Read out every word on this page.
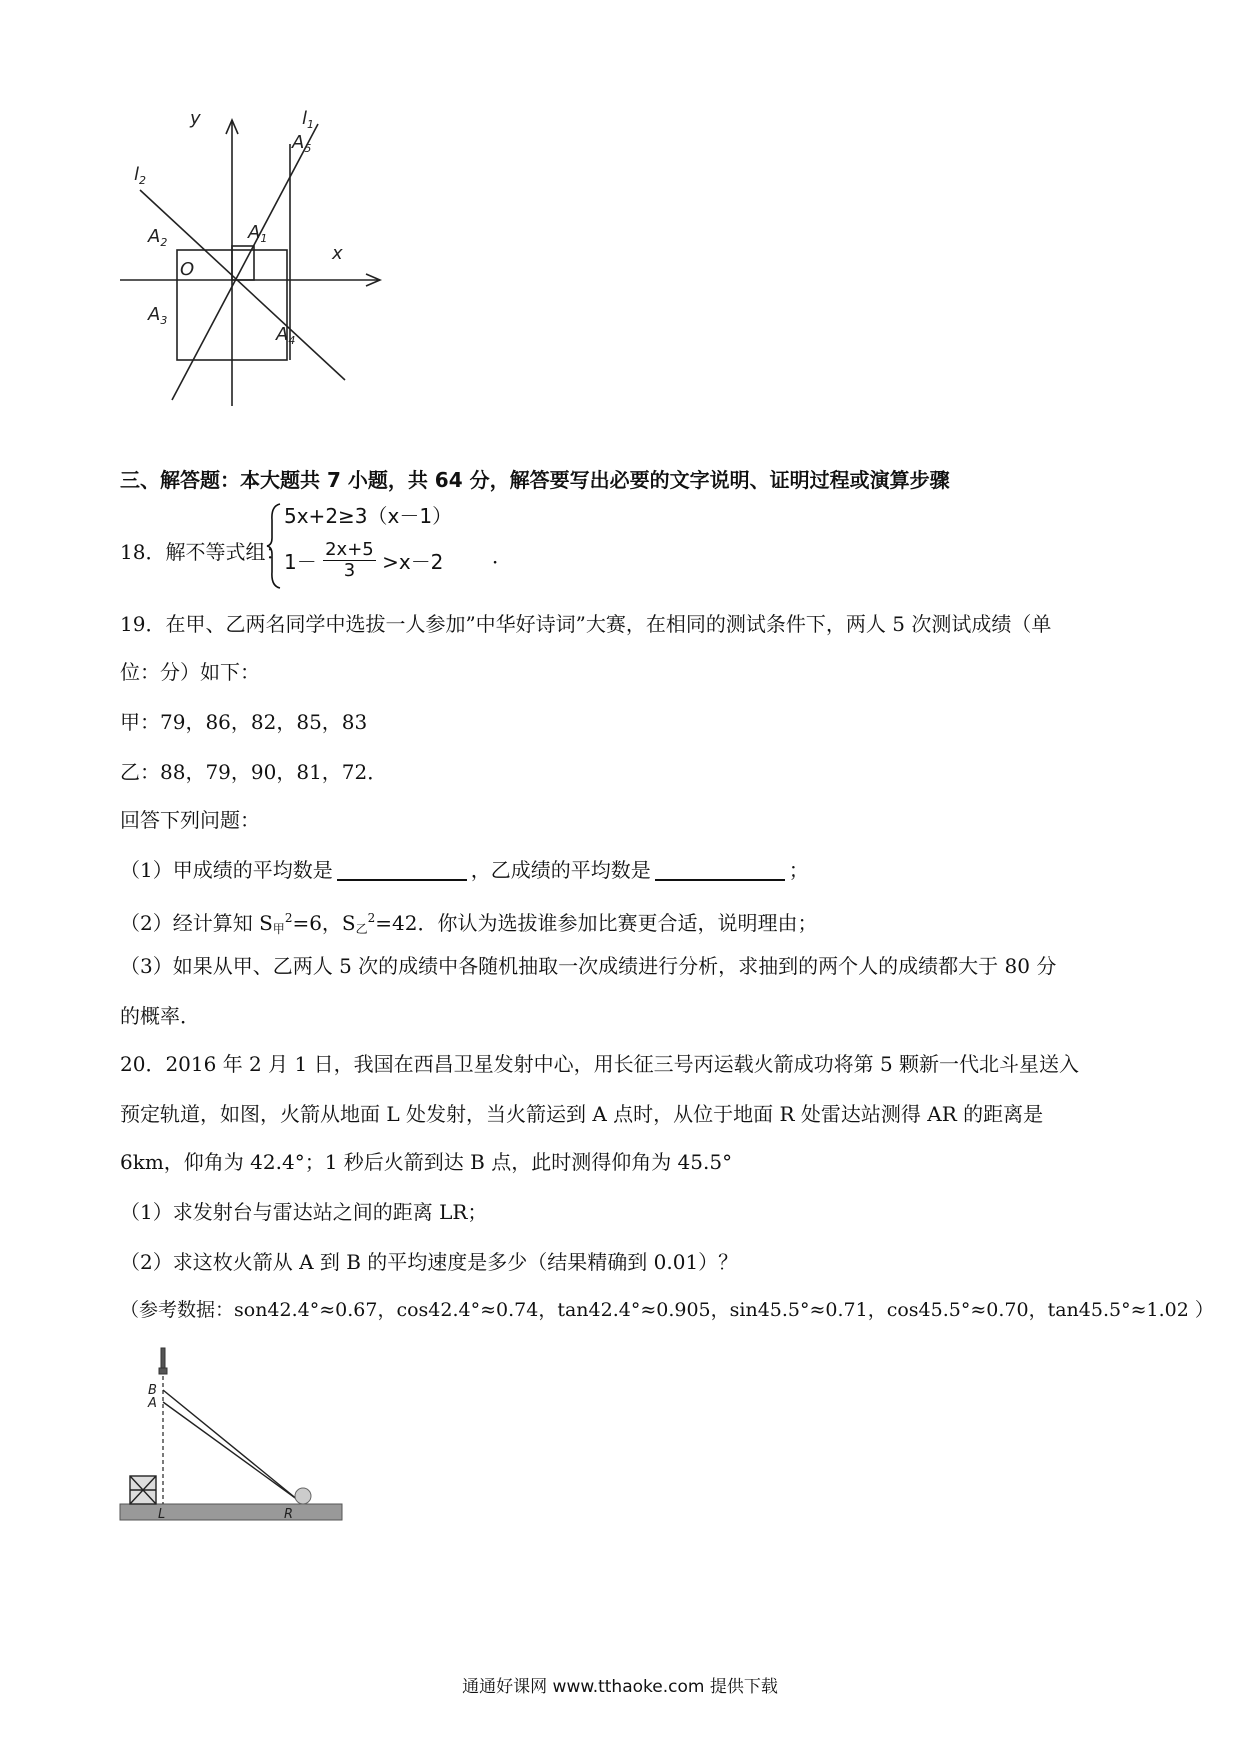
y
x
O
$l_1$
$l_2$
$A_1$
$A_2$
$A_3$
$A_4$
$A_5$
三、解答题：本大题共 7 小题，共 64 分，解答要写出必要的文字说明、证明过程或演算步骤
18．解不等式组：
5x+2≥3（x－1）
$1- \frac{2x+5}{3} >x-2$ ．
19．在甲、乙两名同学中选拔一人参加”中华好诗词”大赛，在相同的测试条件下，两人 5 次测试成绩（单
位：分）如下：
甲：79，86，82，85，83
乙：88，79，90，81，72．
回答下列问题：
（1）甲成绩的平均数是	，乙成绩的平均数是	；
（2）经计算知 $S_甲^2=6$，$S_乙^2=42$．你认为选拔谁参加比赛更合适，说明理由；
（3）如果从甲、乙两人 5 次的成绩中各随机抽取一次成绩进行分析，求抽到的两个人的成绩都大于 80 分
的概率．
20．2016 年 2 月 1 日，我国在西昌卫星发射中心，用长征三号丙运载火箭成功将第 5 颗新一代北斗星送入
预定轨道，如图，火箭从地面 L 处发射，当火箭运到 A 点时，从位于地面 R 处雷达站测得 AR 的距离是
6km，仰角为 42.4°；1 秒后火箭到达 B 点，此时测得仰角为 45.5°
（1）求发射台与雷达站之间的距离 LR；
（2）求这枚火箭从 A 到 B 的平均速度是多少（结果精确到 0.01）？
（参考数据：son42.4°≈0.67，cos42.4°≈0.74，tan42.4°≈0.905，sin45.5°≈0.71，cos45.5°≈0.70，tan45.5°≈1.02 ）
B
A
L	R
通通好课网 www.tthaoke.com 提供下载
